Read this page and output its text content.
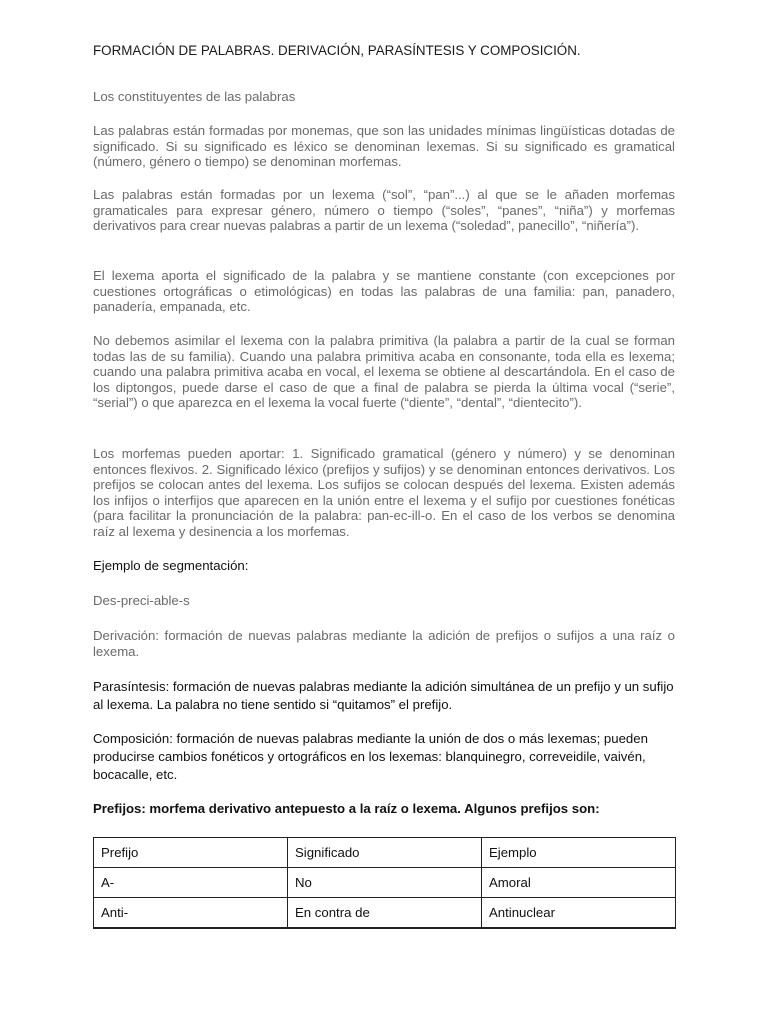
FORMACIÓN DE PALABRAS. DERIVACIÓN, PARASÍNTESIS Y COMPOSICIÓN.

Los constituyentes de las palabras

Las palabras están formadas por monemas, que son las unidades mínimas lingüísticas dotadas de significado. Si su significado es léxico se denominan lexemas. Si su significado es gramatical (número, género o tiempo) se denominan morfemas.

Las palabras están formadas por un lexema (“sol”, “pan”...) al que se le añaden morfemas gramaticales para expresar género, número o tiempo (“soles”, “panes”, “niña”) y morfemas derivativos para crear nuevas palabras a partir de un lexema (“soledad”, panecillo”, “niñería”).

El lexema aporta el significado de la palabra y se mantiene constante (con excepciones por cuestiones ortográficas o etimológicas) en todas las palabras de una familia: pan, panadero, panadería, empanada, etc.

No debemos asimilar el lexema con la palabra primitiva (la palabra a partir de la cual se forman todas las de su familia). Cuando una palabra primitiva acaba en consonante, toda ella es lexema; cuando una palabra primitiva acaba en vocal, el lexema se obtiene al descartándola. En el caso de los diptongos, puede darse el caso de que a final de palabra se pierda la última vocal (“serie”, “serial”) o que aparezca en el lexema la vocal fuerte (“diente”, “dental”, “dientecito”).

Los morfemas pueden aportar: 1. Significado gramatical (género y número) y se denominan entonces flexivos. 2. Significado léxico (prefijos y sufijos) y se denominan entonces derivativos. Los prefijos se colocan antes del lexema. Los sufijos se colocan después del lexema. Existen además los infijos o interfijos que aparecen en la unión entre el lexema y el sufijo por cuestiones fonéticas (para facilitar la pronunciación de la palabra: pan-ec-ill-o. En el caso de los verbos se denomina raíz al lexema y desinencia a los morfemas.

Ejemplo de segmentación:

Des-preci-able-s

Derivación: formación de nuevas palabras mediante la adición de prefijos o sufijos a una raíz o lexema.

Parasíntesis: formación de nuevas palabras mediante la adición simultánea de un prefijo y un sufijo al lexema. La palabra no tiene sentido si “quitamos” el prefijo.

Composición: formación de nuevas palabras mediante la unión de dos o más lexemas; pueden producirse cambios fonéticos y ortográficos en los lexemas: blanquinegro, correveidile, vaivén, bocacalle, etc.

Prefijos: morfema derivativo antepuesto a la raíz o lexema. Algunos prefijos son:

Prefijo	Significado	Ejemplo
A-	No	Amoral
Anti-	En contra de	Antinuclear
